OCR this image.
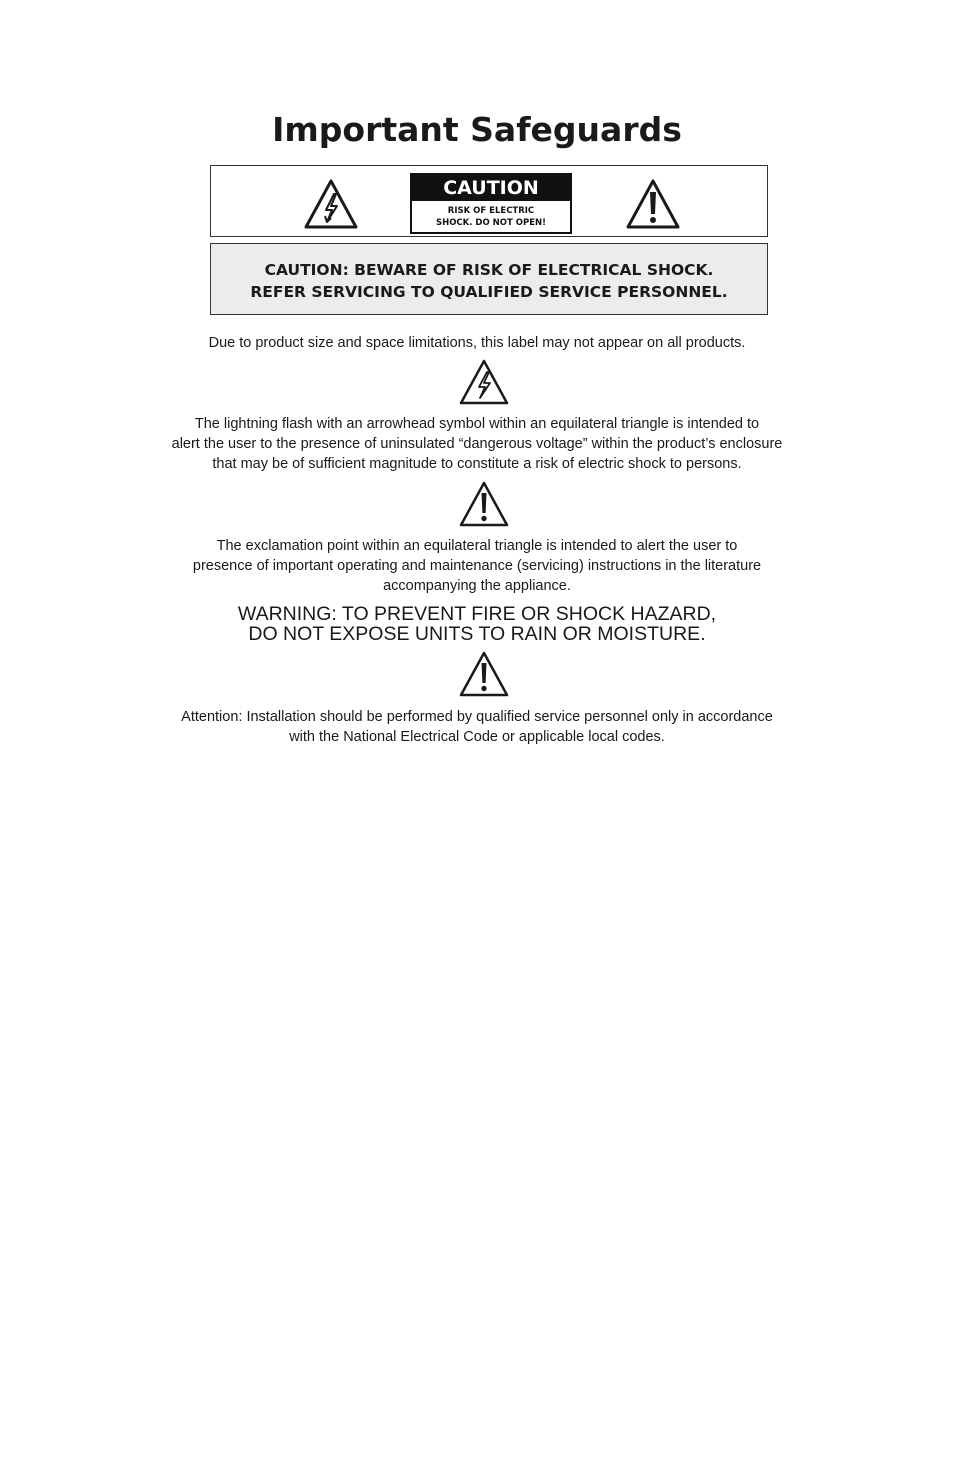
Important Safeguards
CAUTION
RISK OF ELECTRIC
SHOCK. DO NOT OPEN!
CAUTION: BEWARE OF RISK OF ELECTRICAL SHOCK.
REFER SERVICING TO QUALIFIED SERVICE PERSONNEL.
Due to product size and space limitations, this label may not appear on all products.
The lightning flash with an arrowhead symbol within an equilateral triangle is intended to
alert the user to the presence of uninsulated “dangerous voltage” within the product’s enclosure
that may be of sufficient magnitude to constitute a risk of electric shock to persons.
The exclamation point within an equilateral triangle is intended to alert the user to
presence of important operating and maintenance (servicing) instructions in the literature
accompanying the appliance.
WARNING: TO PREVENT FIRE OR SHOCK HAZARD,
DO NOT EXPOSE UNITS TO RAIN OR MOISTURE.
Attention: Installation should be performed by qualified service personnel only in accordance
with the National Electrical Code or applicable local codes.
